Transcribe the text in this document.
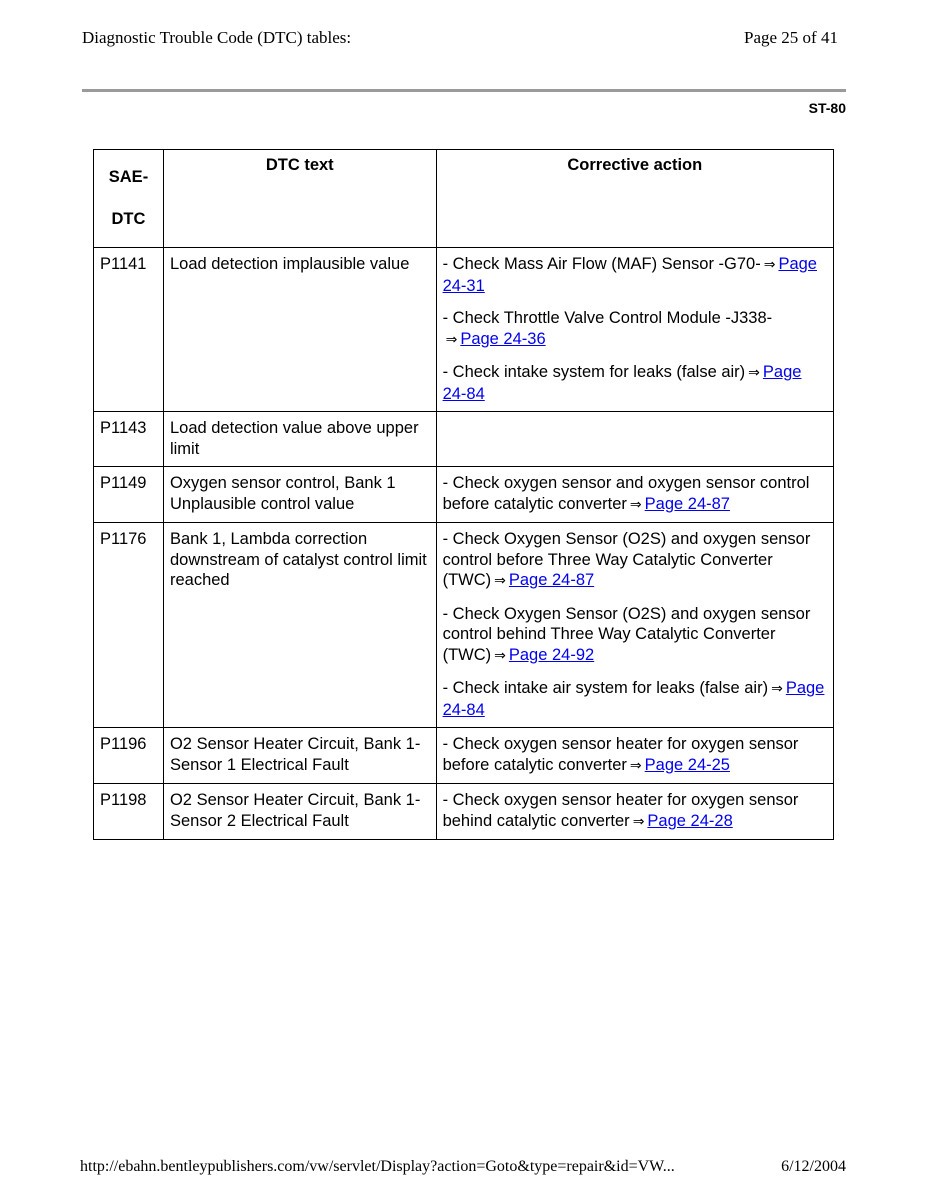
Diagnostic Trouble Code (DTC) tables:	Page 25 of 41
ST-80
SAE-
DTC	DTC text	Corrective action
P1141	Load detection implausible value	- Check Mass Air Flow (MAF) Sensor -G70- ⇒ Page 24-31

- Check Throttle Valve Control Module -J338-⇒ Page 24-36

- Check intake system for leaks (false air) ⇒ Page 24-84

P1143	Load detection value above upper limit	
P1149	Oxygen sensor control, Bank 1 Unplausible control value	- Check oxygen sensor and oxygen sensor control before catalytic converter ⇒ Page 24-87

P1176	Bank 1, Lambda correction downstream of catalyst control limit reached	- Check Oxygen Sensor (O2S) and oxygen sensor control before Three Way Catalytic Converter (TWC) ⇒ Page 24-87

- Check Oxygen Sensor (O2S) and oxygen sensor control behind Three Way Catalytic Converter (TWC) ⇒ Page 24-92

- Check intake air system for leaks (false air) ⇒ Page 24-84

P1196	O2 Sensor Heater Circuit, Bank 1- Sensor 1 Electrical Fault	- Check oxygen sensor heater for oxygen sensor before catalytic converter ⇒ Page 24-25

P1198	O2 Sensor Heater Circuit, Bank 1-Sensor 2 Electrical Fault	- Check oxygen sensor heater for oxygen sensor behind catalytic converter ⇒ Page 24-28

http://ebahn.bentleypublishers.com/vw/servlet/Display?action=Goto&type=repair&id=VW...	6/12/2004
